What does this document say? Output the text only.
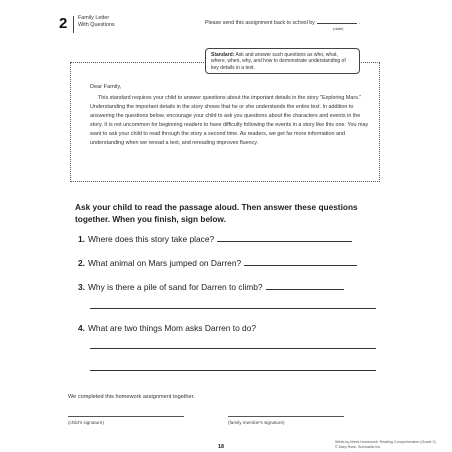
2 Family Letter
With Questions	Please send this assignment back to school by	.
(date)
Standard: Ask and answer such questions as who, what, where, when, why, and how to demonstrate understanding of key details in a text.
Dear Family,
This standard requires your child to answer questions about the important details in the story "Exploring Mars." Understanding the important details in the story shows that he or she understands the entire text. In addition to answering the questions below, encourage your child to ask you questions about the characters and events in the story. It is not uncommon for beginning readers to have difficulty following the events in a story like this one. You may want to ask your child to read through the story a second time. As readers, we get far more information and understanding when we reread a text, and rereading improves fluency.
Ask your child to read the passage aloud. Then answer these questions together. When you finish, sign below.
1. Where does this story take place?
2. What animal on Mars jumped on Darren?
3. Why is there a pile of sand for Darren to climb?
4. What are two things Mom asks Darren to do?
We completed this homework assignment together.
(child's signature)	(family member's signature)
18
Week-by-Week Homework: Reading Comprehension (Grade 2)
© Mary Rose, Scholastic Inc.
